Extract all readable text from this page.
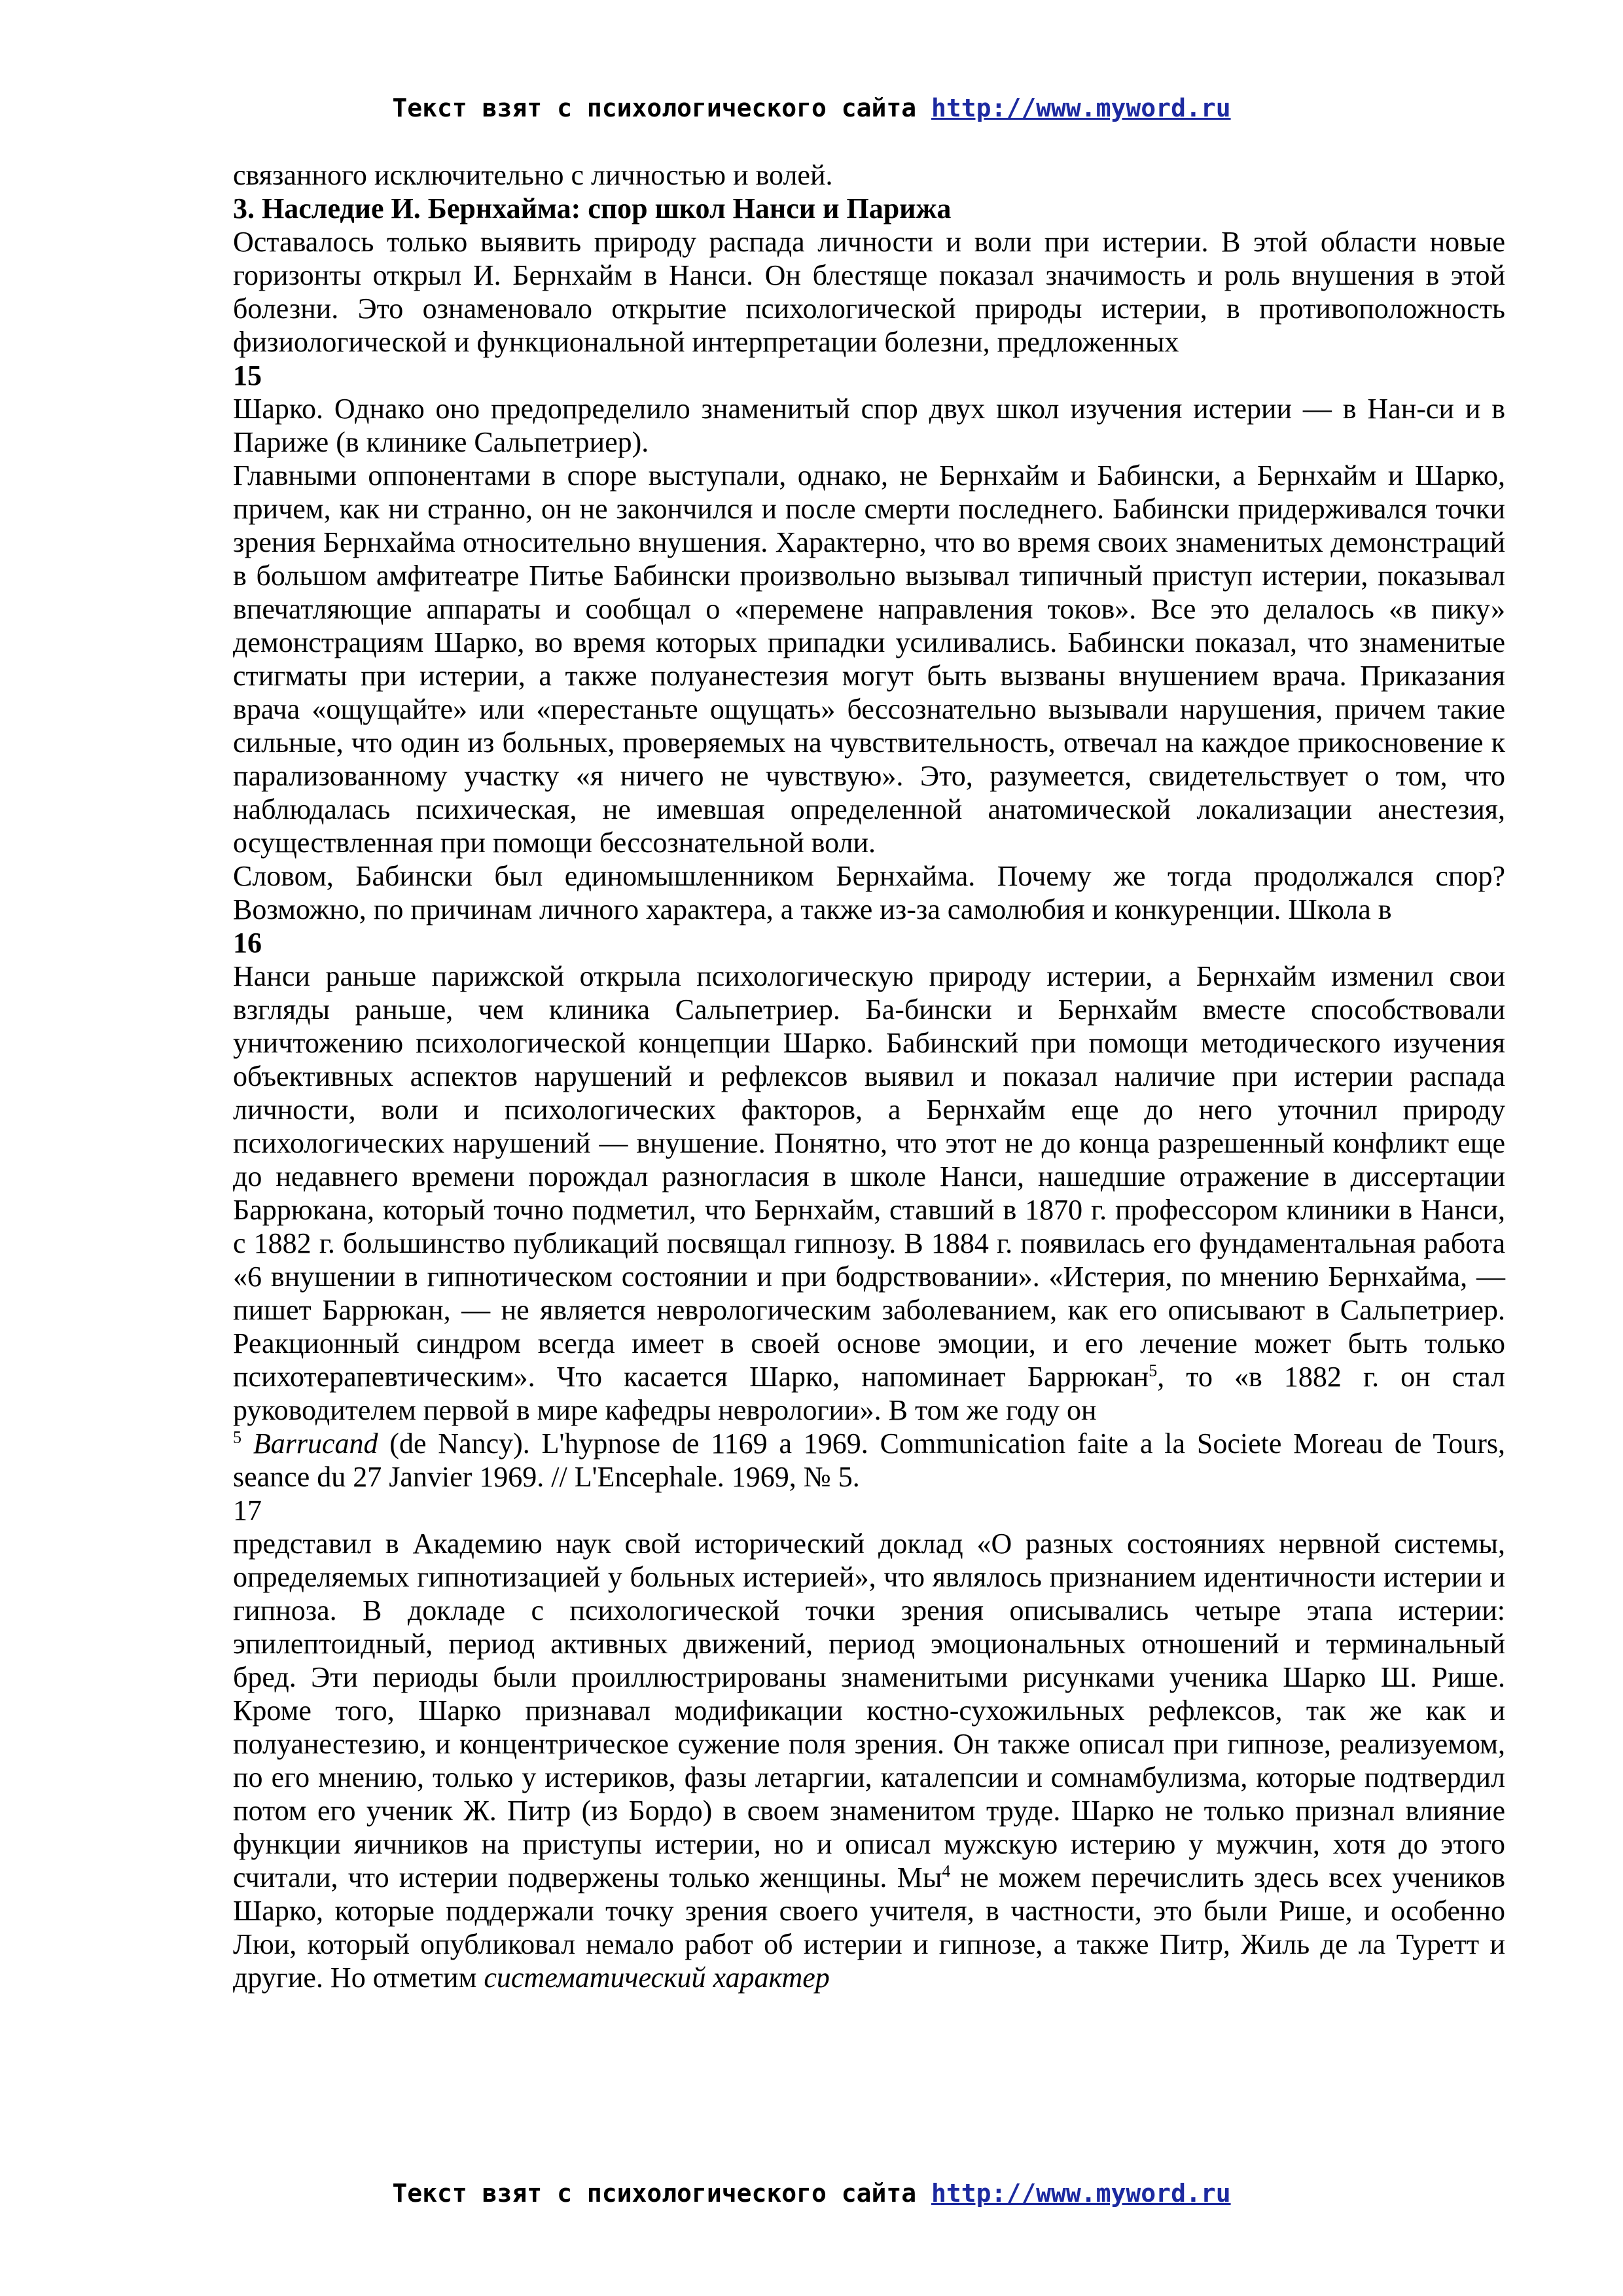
Текст взят с психологического сайта http://www.myword.ru

связанного исключительно с личностью и волей.

3. Наследие И. Бернхайма: спор школ Нанси и Парижа

Оставалось только выявить природу распада личности и воли при истерии. В этой области новые горизонты открыл И. Бернхайм в Нанси. Он блестяще показал значимость и роль внушения в этой болезни. Это ознаменовало открытие психологической природы истерии, в противоположность физиологической и функциональной интерпретации болезни, предложенных

15

Шарко. Однако оно предопределило знаменитый спор двух школ изучения истерии — в Нан-си и в Париже (в клинике Сальпетриер).

Главными оппонентами в споре выступали, однако, не Бернхайм и Бабински, а Бернхайм и Шарко, причем, как ни странно, он не закончился и после смерти последнего. Бабински придерживался точки зрения Бернхайма относительно внушения. Характерно, что во время своих знаменитых демонстраций в большом амфитеатре Питье Бабински произвольно вызывал типичный приступ истерии, показывал впечатляющие аппараты и сообщал о «перемене направления токов». Все это делалось «в пику» демонстрациям Шарко, во время которых припадки усиливались. Бабински показал, что знаменитые стигматы при истерии, а также полуанестезия могут быть вызваны внушением врача. Приказания врача «ощущайте» или «перестаньте ощущать» бессознательно вызывали нарушения, причем такие сильные, что один из больных, проверяемых на чувствительность, отвечал на каждое прикосновение к парализованному участку «я ничего не чувствую». Это, разумеется, свидетельствует о том, что наблюдалась психическая, не имевшая определенной анатомической локализации анестезия, осуществленная при помощи бессознательной воли.

Словом, Бабински был единомышленником Бернхайма. Почему же тогда продолжался спор? Возможно, по причинам личного характера, а также из-за самолюбия и конкуренции. Школа в

16

Нанси раньше парижской открыла психологическую природу истерии, а Бернхайм изменил свои взгляды раньше, чем клиника Сальпетриер. Ба-бински и Бернхайм вместе способствовали уничтожению психологической концепции Шарко. Бабинский при помощи методического изучения объективных аспектов нарушений и рефлексов выявил и показал наличие при истерии распада личности, воли и психологических факторов, а Бернхайм еще до него уточнил природу психологических нарушений — внушение. Понятно, что этот не до конца разрешенный конфликт еще до недавнего времени порождал разногласия в школе Нанси, нашедшие отражение в диссертации Баррюкана, который точно подметил, что Бернхайм, ставший в 1870 г. профессором клиники в Нанси, с 1882 г. большинство публикаций посвящал гипнозу. В 1884 г. появилась его фундаментальная работа «6 внушении в гипнотическом состоянии и при бодрствовании». «Истерия, по мнению Бернхайма, — пишет Баррюкан, — не является неврологическим заболеванием, как его описывают в Сальпетриер. Реакционный синдром всегда имеет в своей основе эмоции, и его лечение может быть только психотерапевтическим». Что касается Шарко, напоминает Баррюкан$^5$, то «в 1882 г. он стал руководителем первой в мире кафедры неврологии». В том же году он

$^5$ Barrucand (de Nancy). L'hypnose de 1169 a 1969. Communication faite a la Societe Moreau de Tours, seance du 27 Janvier 1969. // L'Encephale. 1969, № 5.

17

представил в Академию наук свой исторический доклад «О разных состояниях нервной системы, определяемых гипнотизацией у больных истерией», что являлось признанием идентичности истерии и гипноза. В докладе с психологической точки зрения описывались четыре этапа истерии: эпилептоидный, период активных движений, период эмоциональных отношений и терминальный бред. Эти периоды были проиллюстрированы знаменитыми рисунками ученика Шарко Ш. Рише. Кроме того, Шарко признавал модификации костно-сухожильных рефлексов, так же как и полуанестезию, и концентрическое сужение поля зрения. Он также описал при гипнозе, реализуемом, по его мнению, только у истериков, фазы летаргии, каталепсии и сомнамбулизма, которые подтвердил потом его ученик Ж. Питр (из Бордо) в своем знаменитом труде. Шарко не только признал влияние функции яичников на приступы истерии, но и описал мужскую истерию у мужчин, хотя до этого считали, что истерии подвержены только женщины. $Мы^4$ не можем перечислить здесь всех учеников Шарко, которые поддержали точку зрения своего учителя, в частности, это были Рише, и особенно Люи, который опубликовал немало работ об истерии и гипнозе, а также Питр, Жиль де ла Туретт и другие. Но отметим систематический характер

Текст взят с психологического сайта http://www.myword.ru
